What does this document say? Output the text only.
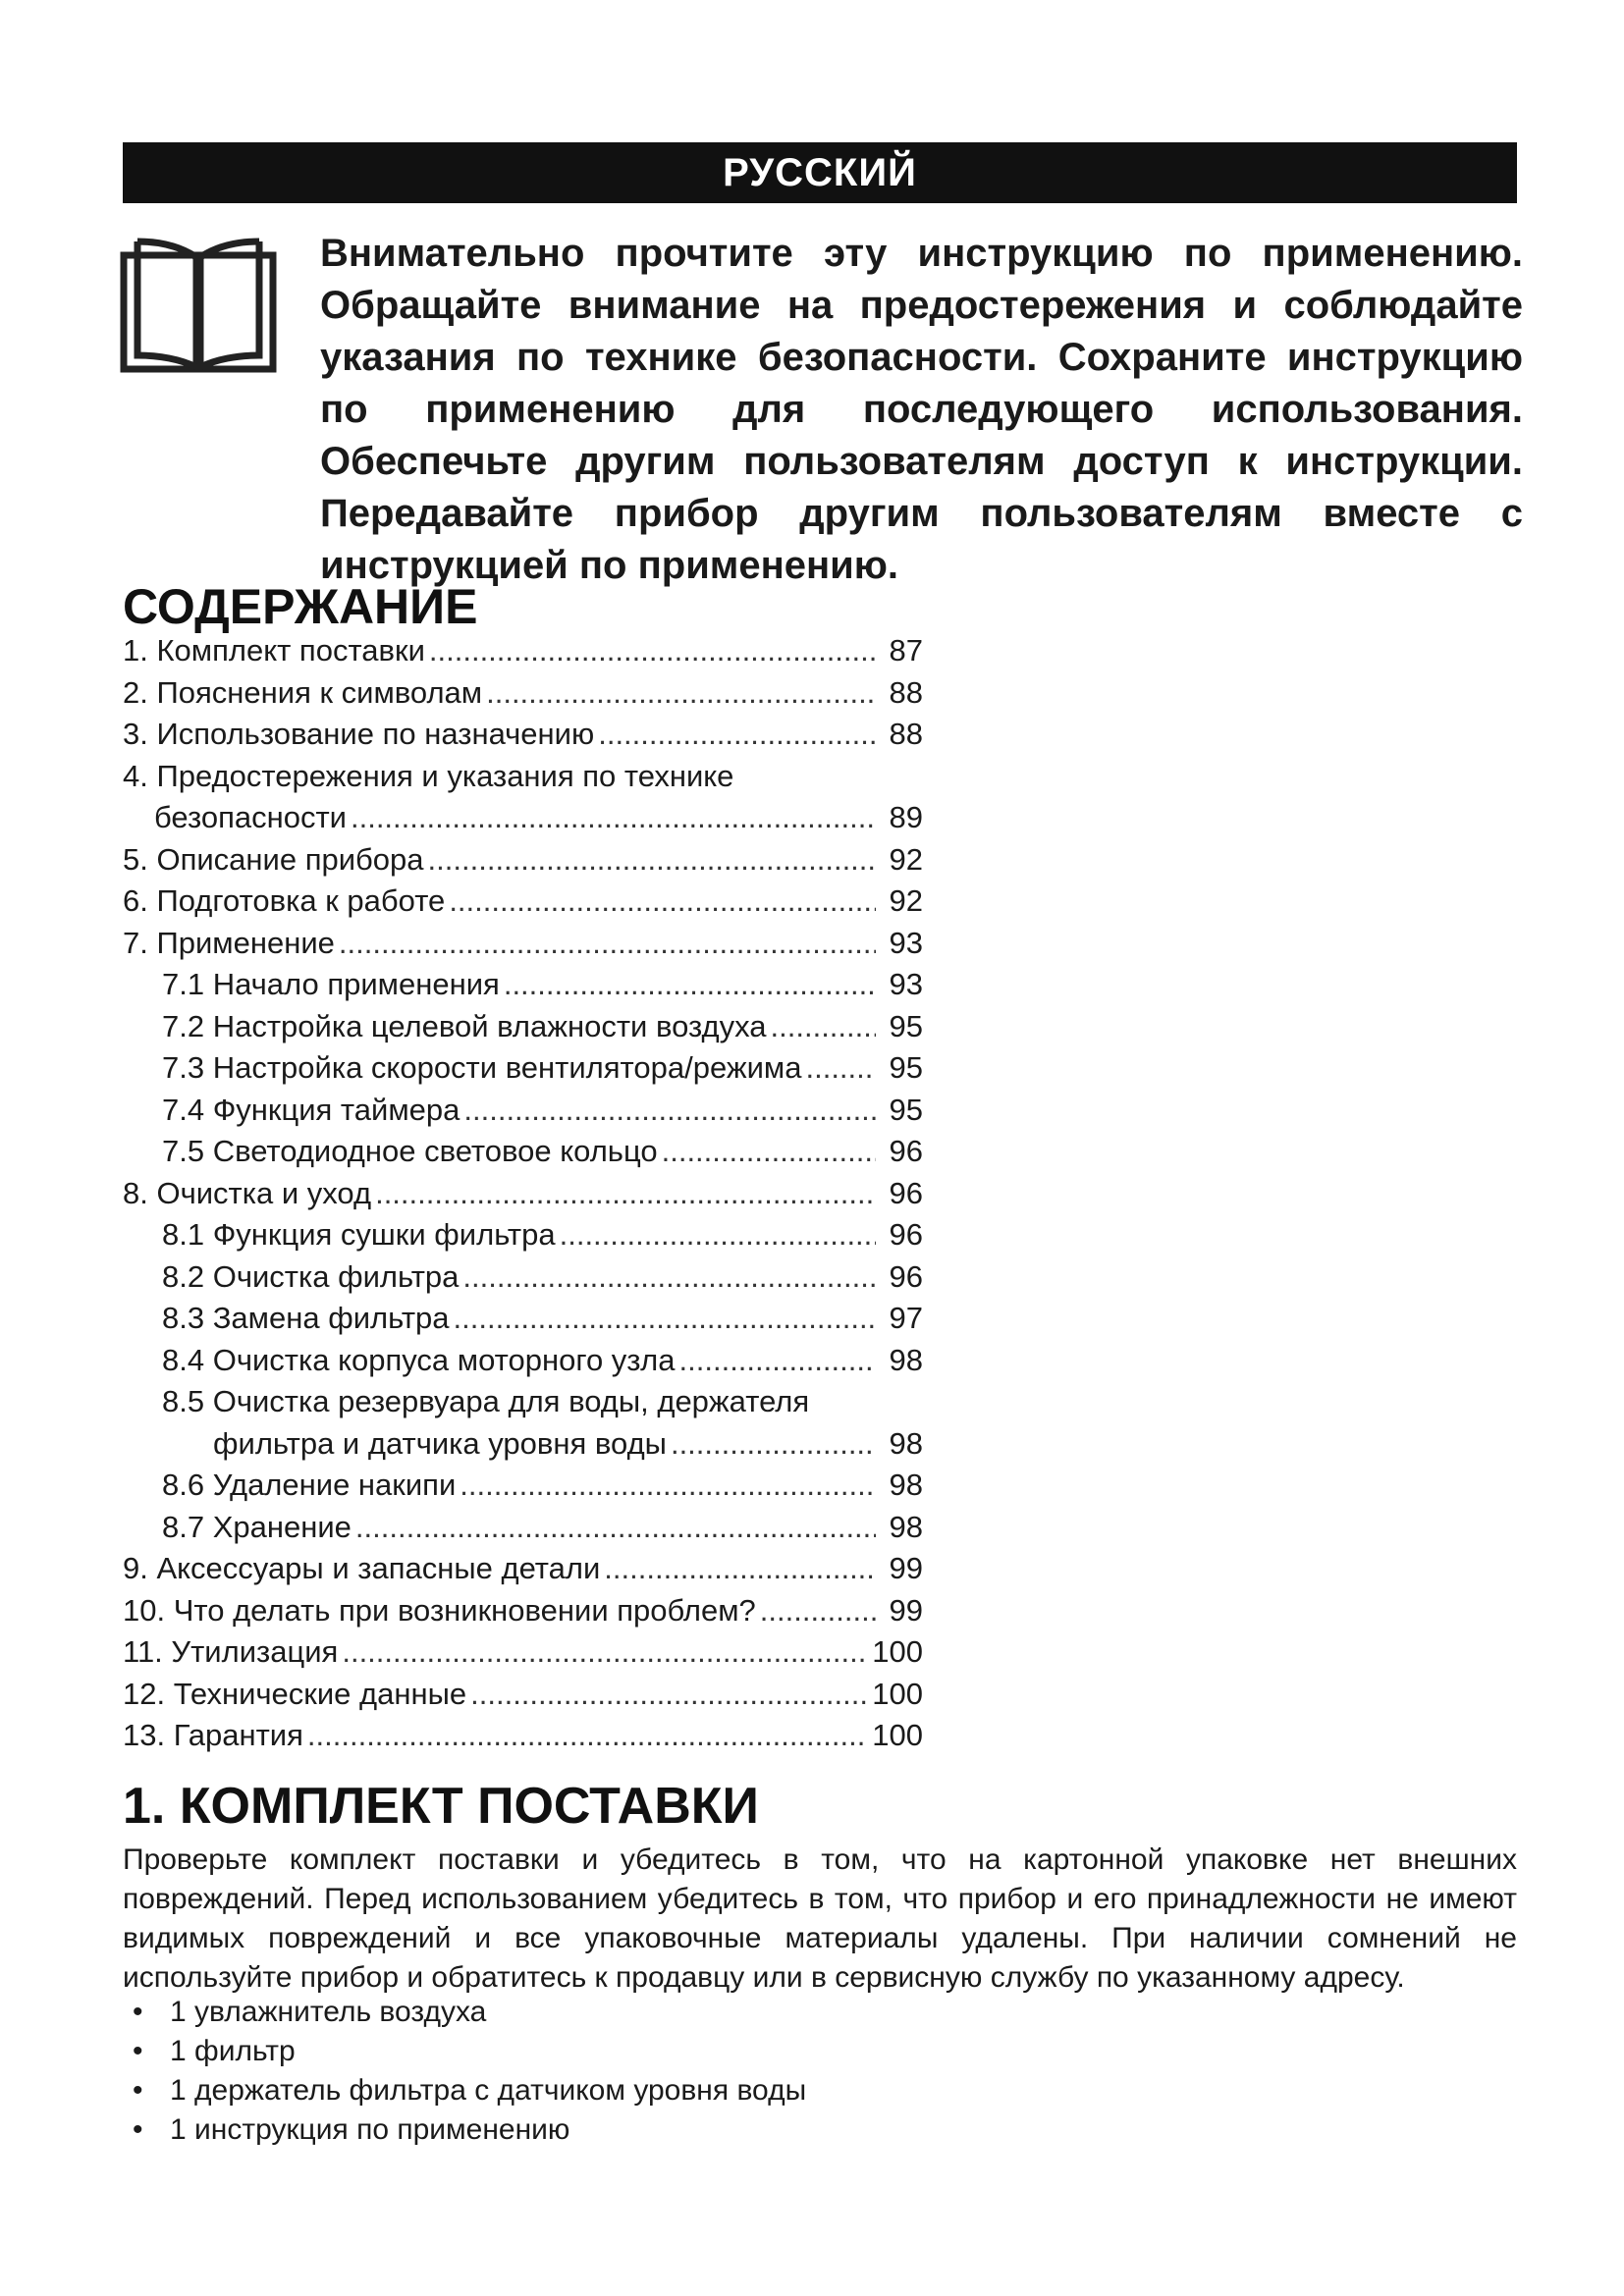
РУССКИЙ

Внимательно прочтите эту инструкцию по применению. Обращайте внимание на предостережения и соблюдайте указания по технике безопасности. Сохраните инструкцию по применению для последующего использования. Обеспечьте другим пользователям доступ к инструкции. Передавайте прибор другим пользователям вместе с инструкцией по применению.

СОДЕРЖАНИЕ
1. Комплект поставки .....	87
2. Пояснения к символам .....	88
3. Использование по назначению .....	88
4. Предостережения и указания по технике
безопасности .....	89
5. Описание прибора .....	92
6. Подготовка к работе .....	92
7. Применение .....	93
7.1 Начало применения .....	93
7.2 Настройка целевой влажности воздуха .....	95
7.3 Настройка скорости вентилятора/режима .....	95
7.4 Функция таймера .....	95
7.5 Светодиодное световое кольцо .....	96
8. Очистка и уход .....	96
8.1 Функция сушки фильтра .....	96
8.2 Очистка фильтра .....	96
8.3 Замена фильтра .....	97
8.4 Очистка корпуса моторного узла .....	98
8.5 Очистка резервуара для воды, держателя
фильтра и датчика уровня воды .....	98
8.6 Удаление накипи .....	98
8.7 Хранение .....	98
9. Аксессуары и запасные детали .....	99
10. Что делать при возникновении проблем? .....	99
11. Утилизация .....	100
12. Технические данные .....	100
13. Гарантия .....	100
1. КОМПЛЕКТ ПОСТАВКИ

Проверьте комплект поставки и убедитесь в том, что на картонной упаковке нет внешних повреждений. Перед использованием убедитесь в том, что прибор и его принадлежности не имеют видимых повреждений и все упаковочные материалы удалены. При наличии сомнений не используйте прибор и обратитесь к продавцу или в сервисную службу по указанному адресу.

• 1 увлажнитель воздуха
• 1 фильтр
• 1 держатель фильтра с датчиком уровня воды
• 1 инструкция по применению
